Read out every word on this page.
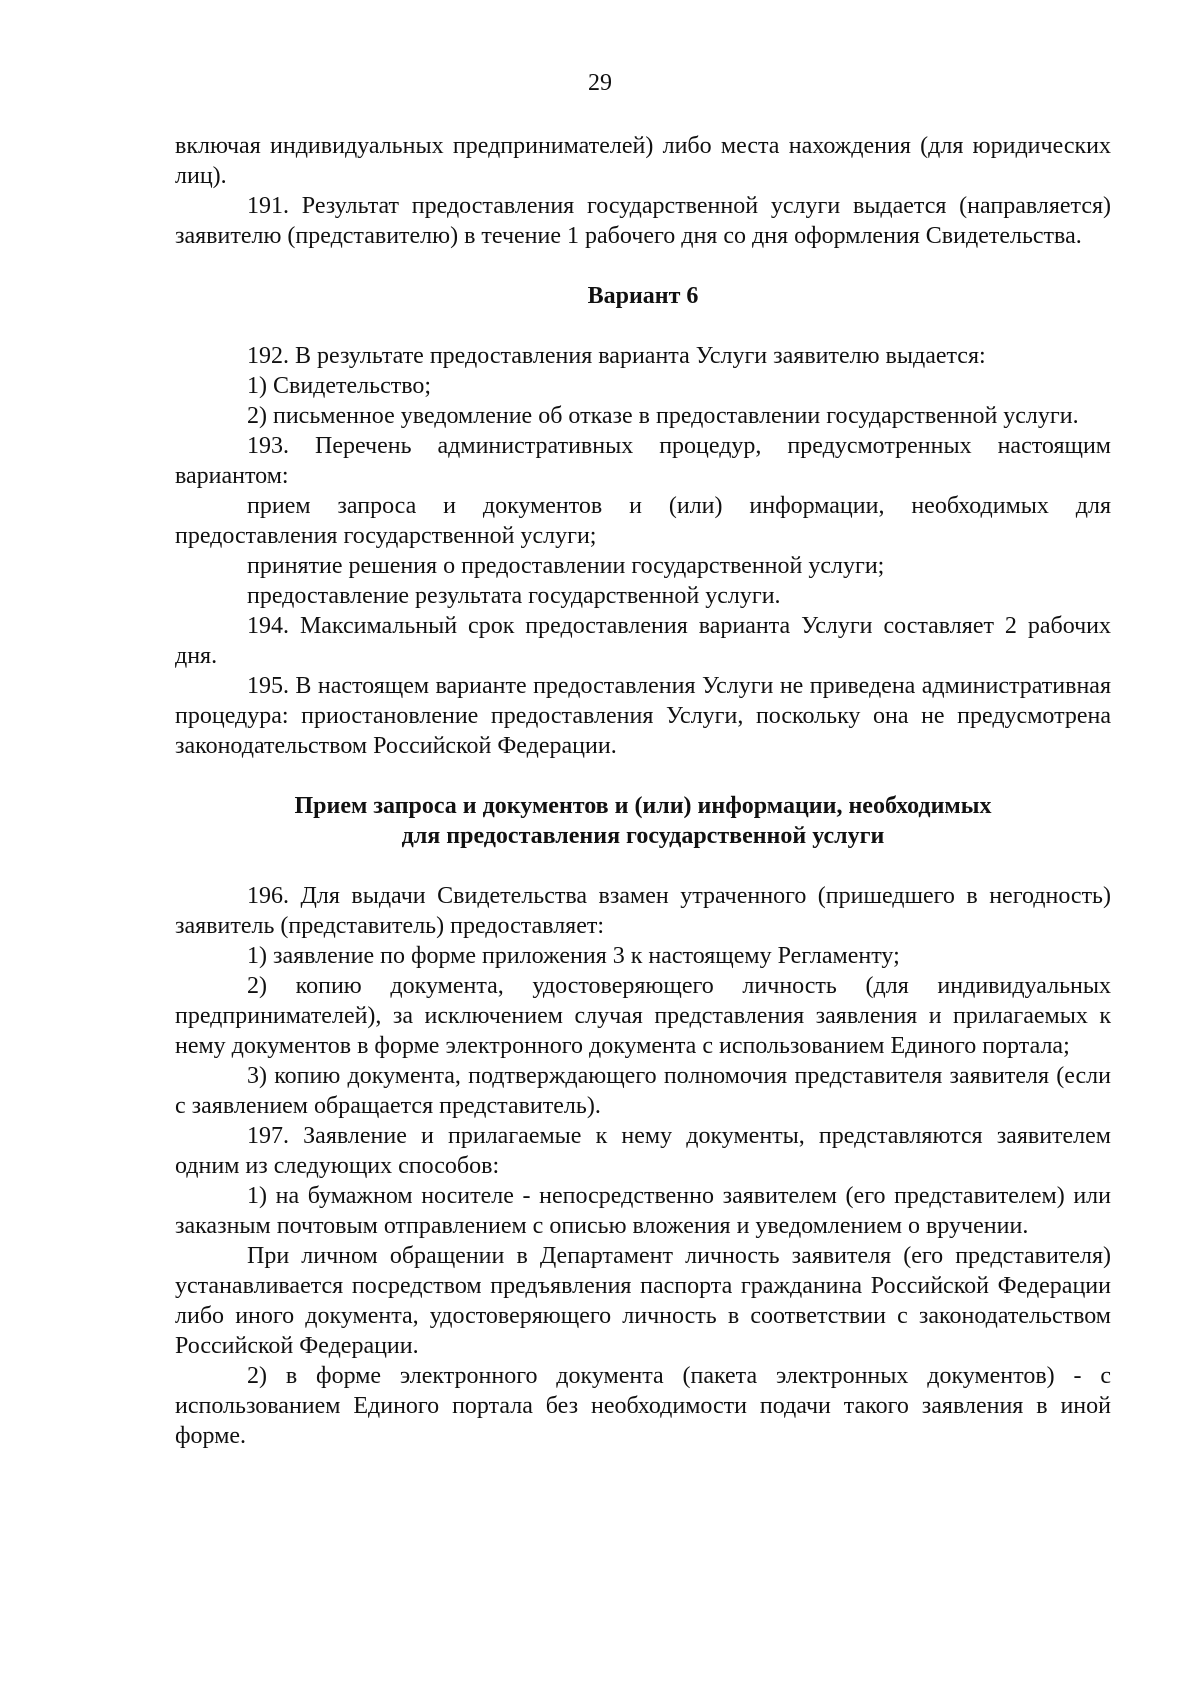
29

включая индивидуальных предпринимателей) либо места нахождения (для юридических лиц).

191. Результат предоставления государственной услуги выдается (направляется) заявителю (представителю) в течение 1 рабочего дня со дня оформления Свидетельства.

Вариант 6

192. В результате предоставления варианта Услуги заявителю выдается:

1) Свидетельство;

2) письменное уведомление об отказе в предоставлении государственной услуги.

193. Перечень административных процедур, предусмотренных настоящим вариантом:

прием запроса и документов и (или) информации, необходимых для предоставления государственной услуги;

принятие решения о предоставлении государственной услуги;

предоставление результата государственной услуги.

194. Максимальный срок предоставления варианта Услуги составляет 2 рабочих дня.

195. В настоящем варианте предоставления Услуги не приведена административная процедура: приостановление предоставления Услуги, поскольку она не предусмотрена законодательством Российской Федерации.

Прием запроса и документов и (или) информации, необходимых

для предоставления государственной услуги

196. Для выдачи Свидетельства взамен утраченного (пришедшего в негодность) заявитель (представитель) предоставляет:

1) заявление по форме приложения 3 к настоящему Регламенту;

2) копию документа, удостоверяющего личность (для индивидуальных предпринимателей), за исключением случая представления заявления и прилагаемых к нему документов в форме электронного документа с использованием Единого портала;

3) копию документа, подтверждающего полномочия представителя заявителя (если с заявлением обращается представитель).

197. Заявление и прилагаемые к нему документы, представляются заявителем одним из следующих способов:

1) на бумажном носителе - непосредственно заявителем (его представителем) или заказным почтовым отправлением с описью вложения и уведомлением о вручении.

При личном обращении в Департамент личность заявителя (его представителя) устанавливается посредством предъявления паспорта гражданина Российской Федерации либо иного документа, удостоверяющего личность в соответствии с законодательством Российской Федерации.

2) в форме электронного документа (пакета электронных документов) - с использованием Единого портала без необходимости подачи такого заявления в иной форме.
